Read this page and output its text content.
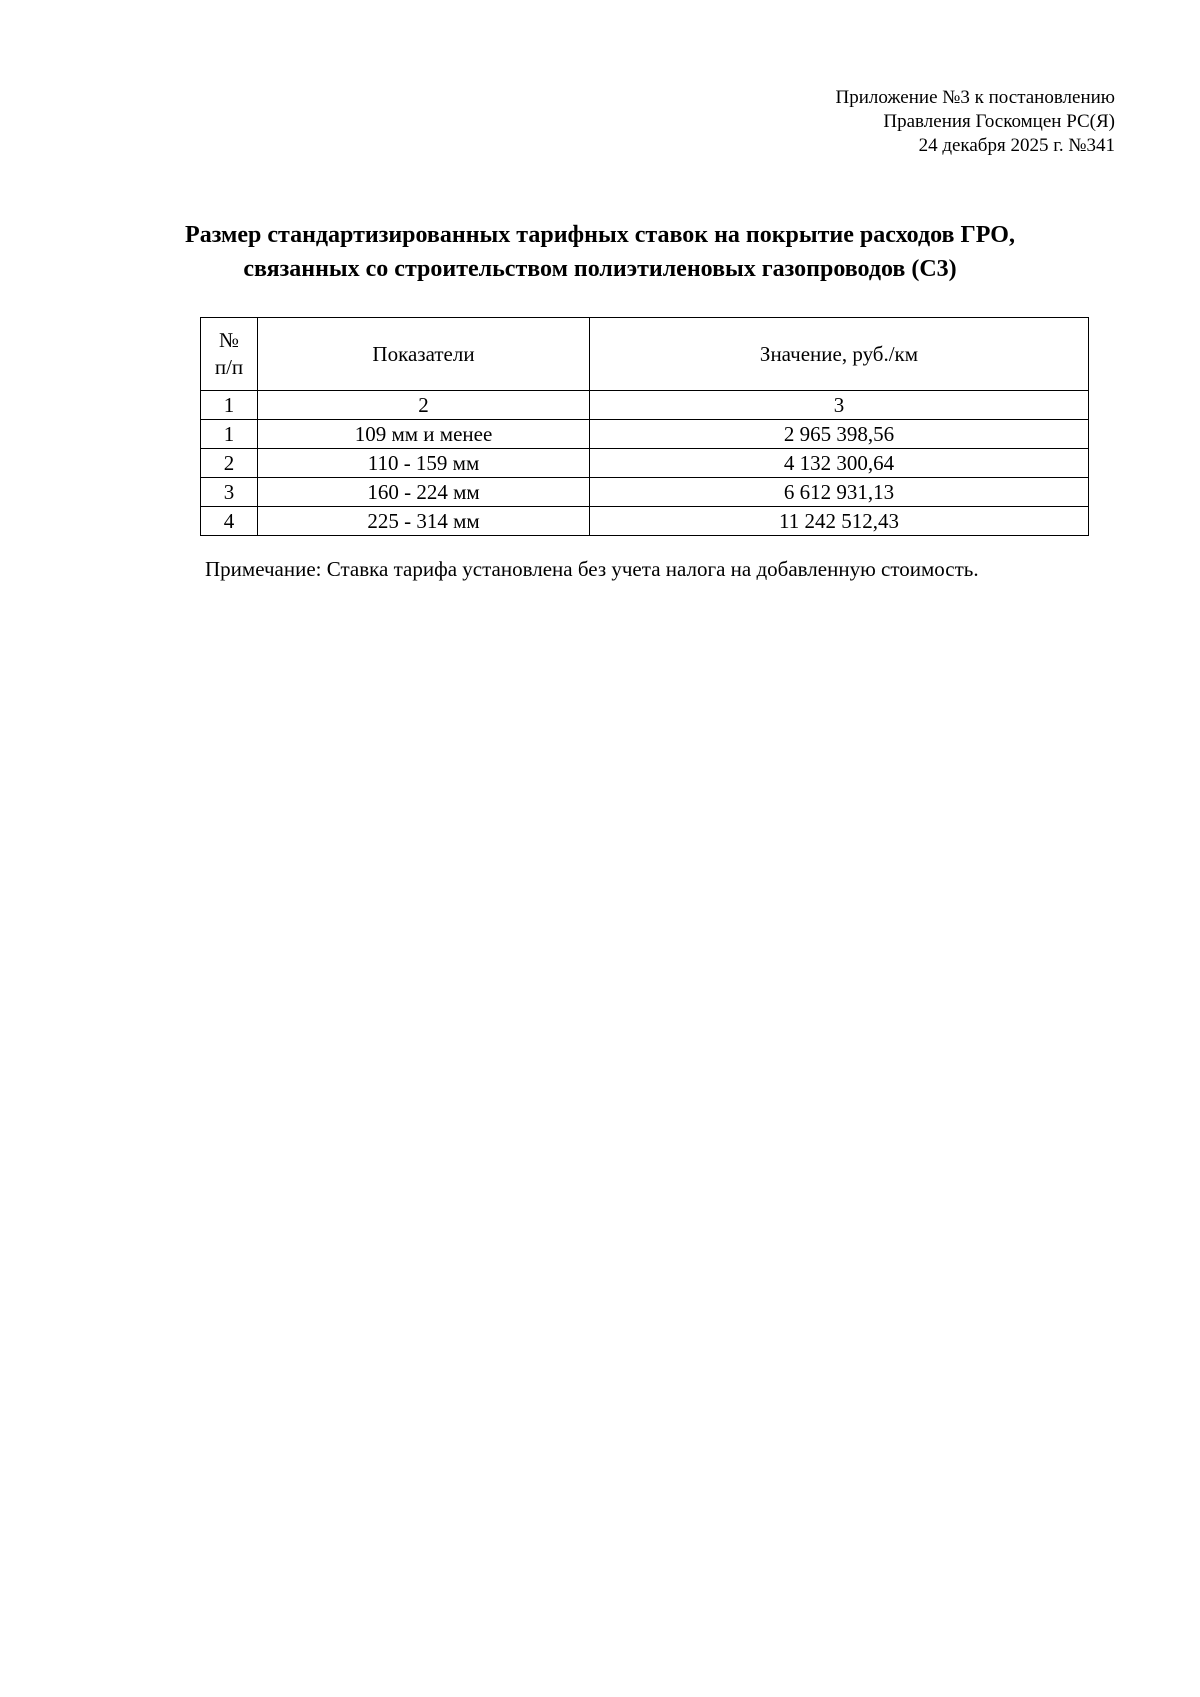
Приложение №3 к постановлению
Правления Госкомцен РС(Я)
24 декабря 2025 г. №341
Размер стандартизированных тарифных ставок на покрытие расходов ГРО,
связанных со строительством полиэтиленовых газопроводов (С3)
№
п/п	Показатели	Значение, руб./км
1	2	3
1	109 мм и менее	2 965 398,56
2	110 - 159 мм	4 132 300,64
3	160 - 224 мм	6 612 931,13
4	225 - 314 мм	11 242 512,43
Примечание: Ставка тарифа установлена без учета налога на добавленную стоимость.
